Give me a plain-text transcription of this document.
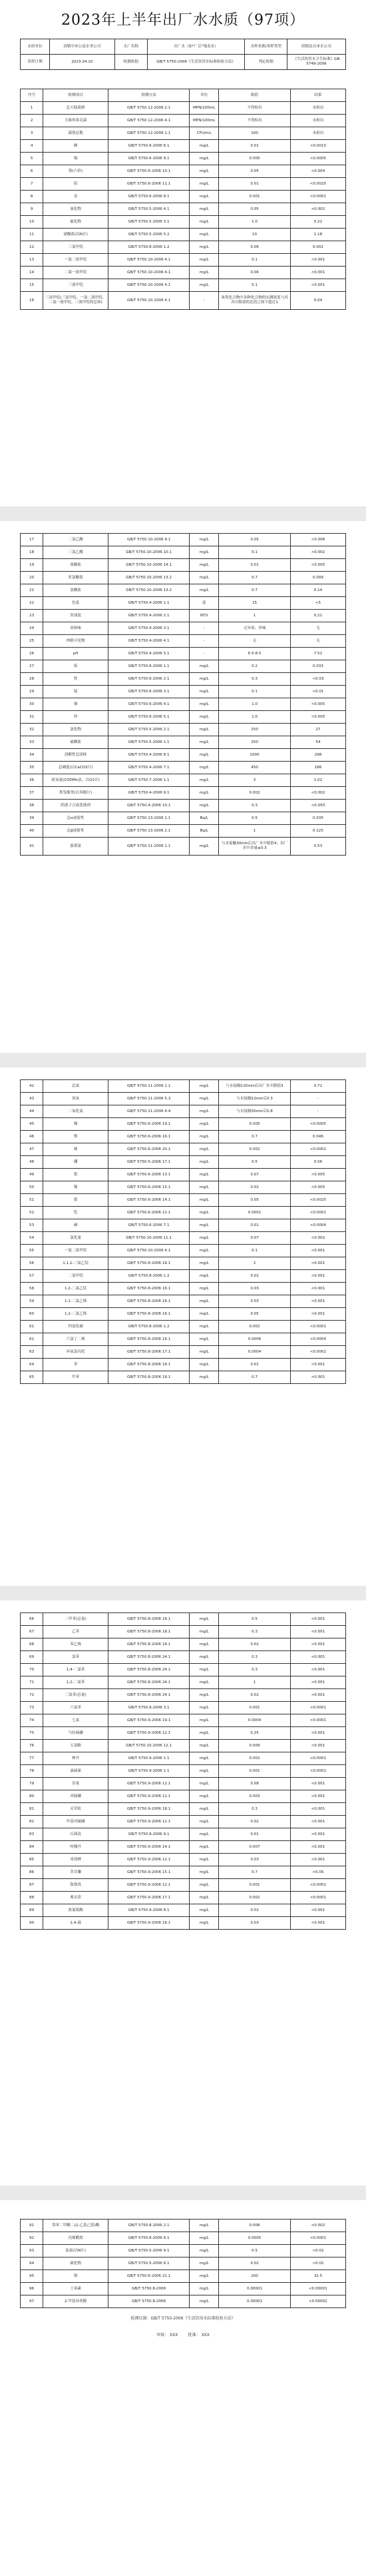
2023年上半年出厂水水质（97项）
水质单位	固镇中环公益水务公司	水厂名称	出厂水（如"厂后"地表水）	水样来源/采样类型	固镇县自来水公司
采样日期	2023.04.10	检测依据	GB/T 5750-2006《生活饮用水标准检验方法》	判定依据	《生活饮用水卫生标准》GB 5749-2006
序号	检测项目	检测方法	单位	限值	结果
1	总大肠菌群	GB/T 5750.12-2006 2.1	MPN/100mL	不得检出	未检出
2	大肠埃希氏菌	GB/T 5750.12-2006 4.1	MPN/100mL	不得检出	未检出
3	菌落总数	GB/T 5750.12-2006 1.1	CFU/mL	100	未检出
4	砷	GB/T 5750.6-2006 6.1	mg/L	0.01	<0.0010
5	镉	GB/T 5750.6-2006 9.1	mg/L	0.005	<0.0005
6	铬(六价)	GB/T 5750.6-2006 10.1	mg/L	0.05	<0.004
7	铅	GB/T 5750.6-2006 11.1	mg/L	0.01	<0.0025
8	汞	GB/T 5750.6-2006 8.1	mg/L	0.001	<0.0001
9	氰化物	GB/T 5750.5-2006 4.1	mg/L	0.05	<0.002
10	氟化物	GB/T 5750.5-2006 3.1	mg/L	1.0	0.22
11	硝酸盐(以N计)	GB/T 5750.5-2006 5.2	mg/L	10	1.18
12	三氯甲烷	GB/T 5750.8-2006 1.2	mg/L	0.06	0.002
13	一氯二溴甲烷	GB/T 5750.10-2006 4.1	mg/L	0.1	<0.001
14	二氯一溴甲烷	GB/T 5750.10-2006 4.1	mg/L	0.06	<0.001
15	三溴甲烷	GB/T 5750.10-2006 4.1	mg/L	0.1	<0.001
16	三卤甲烷(三氯甲烷、一氯二溴甲烷、二氯一溴甲烷、三溴甲烷的总和)	GB/T 5750.10-2006 4.1	-	该类化合物中各种化合物的实测浓度与其各自限值的比值之和不超过1	0.04
17	二氯乙酸	GB/T 5750.10-2006 9.1	mg/L	0.05	<0.006
18	三氯乙酸	GB/T 5750.10-2006 10.1	mg/L	0.1	<0.002
19	溴酸盐	GB/T 5750.10-2006 14.1	mg/L	0.01	<0.005
20	亚氯酸盐	GB/T 5750.10-2006 13.2	mg/L	0.7	0.009
21	氯酸盐	GB/T 5750.10-2006 13.2	mg/L	0.7	0.14
22	色度	GB/T 5750.4-2006 1.1	度	15	<5
23	浑浊度	GB/T 5750.4-2006 2.1	NTU	1	0.21
24	臭和味	GB/T 5750.4-2006 3.1	-	无异臭、异味	无
25	肉眼可见物	GB/T 5750.4-2006 4.1	-	无	无
26	pH	GB/T 5750.4-2006 5.1	-	6.5-8.5	7.52
27	铝	GB/T 5750.6-2006 1.1	mg/L	0.2	0.033
28	铁	GB/T 5750.6-2006 2.1	mg/L	0.3	<0.03
29	锰	GB/T 5750.6-2006 3.1	mg/L	0.1	<0.01
30	铜	GB/T 5750.6-2006 4.1	mg/L	1.0	<0.005
31	锌	GB/T 5750.6-2006 5.1	mg/L	1.0	<0.005
32	氯化物	GB/T 5750.5-2006 2.1	mg/L	250	27
33	硫酸盐	GB/T 5750.5-2006 1.1	mg/L	250	54
34	溶解性总固体	GB/T 5750.4-2006 8.1	mg/L	1000	298
35	总硬度(以CaCO3计)	GB/T 5750.4-2006 7.1	mg/L	450	186
36	耗氧量(CODMn法，以O2计)	GB/T 5750.7-2006 1.1	mg/L	3	1.02
37	挥发酚类(以苯酚计)	GB/T 5750.4-2006 9.1	mg/L	0.002	<0.002
38	阴离子合成洗涤剂	GB/T 5750.4-2006 10.1	mg/L	0.3	<0.050
39	总α放射性	GB/T 5750.13-2006 1.1	Bq/L	0.5	0.035
40	总β放射性	GB/T 5750.13-2006 2.1	Bq/L	1	0.125
41	游离氯	GB/T 5750.11-2006 1.1	mg/L	与水接触30min后出厂水中限值4，出厂水中余量≥0.3	0.53
42	总氯	GB/T 5750.11-2006 1.1	mg/L	与水接触120min后出厂水中限值3	0.72
43	臭氧	GB/T 5750.11-2006 5.3	mg/L	与水接触12min后0.3	-
44	二氧化氯	GB/T 5750.11-2006 4.4	mg/L	与水接触30min后0.8	-
45	锑	GB/T 5750.6-2006 19.1	mg/L	0.005	<0.0005
46	钡	GB/T 5750.6-2006 16.1	mg/L	0.7	0.046
47	铍	GB/T 5750.6-2006 20.1	mg/L	0.002	<0.0002
48	硼	GB/T 5750.5-2006 17.1	mg/L	0.5	0.06
49	钼	GB/T 5750.6-2006 13.1	mg/L	0.07	<0.005
50	镍	GB/T 5750.6-2006 15.1	mg/L	0.02	<0.005
51	银	GB/T 5750.6-2006 14.1	mg/L	0.05	<0.0025
52	铊	GB/T 5750.6-2006 21.1	mg/L	0.0001	<0.0001
53	硒	GB/T 5750.6-2006 7.1	mg/L	0.01	<0.0004
54	氯化氰	GB/T 5750.10-2006 11.1	mg/L	0.07	<0.002
55	一氯二溴甲烷	GB/T 5750.10-2006 4.1	mg/L	0.1	<0.001
56	1,1,1-三氯乙烷	GB/T 5750.8-2006 16.1	mg/L	2	<0.001
57	二氯甲烷	GB/T 5750.8-2006 1.2	mg/L	0.02	<0.001
58	1,2-二氯乙烷	GB/T 5750.8-2006 16.1	mg/L	0.03	<0.001
59	1,1-二氯乙烯	GB/T 5750.8-2006 16.1	mg/L	0.03	<0.001
60	1,2-二氯乙烯	GB/T 5750.8-2006 16.1	mg/L	0.05	<0.001
61	四氯化碳	GB/T 5750.8-2006 1.2	mg/L	0.002	<0.0001
62	六氯丁二烯	GB/T 5750.8-2006 16.1	mg/L	0.0006	<0.0004
63	环氧氯丙烷	GB/T 5750.8-2006 17.1	mg/L	0.0004	<0.0002
64	苯	GB/T 5750.8-2006 18.1	mg/L	0.01	<0.001
65	甲苯	GB/T 5750.8-2006 18.1	mg/L	0.7	<0.001
66	二甲苯(总量)	GB/T 5750.8-2006 18.1	mg/L	0.5	<0.001
67	乙苯	GB/T 5750.8-2006 18.1	mg/L	0.3	<0.001
68	苯乙烯	GB/T 5750.8-2006 18.1	mg/L	0.02	<0.001
69	氯苯	GB/T 5750.8-2006 24.1	mg/L	0.3	<0.001
70	1,4-二氯苯	GB/T 5750.8-2006 24.1	mg/L	0.3	<0.001
71	1,2-二氯苯	GB/T 5750.8-2006 24.1	mg/L	1	<0.001
72	三氯苯(总量)	GB/T 5750.8-2006 24.1	mg/L	0.02	<0.001
73	六氯苯	GB/T 5750.9-2006 3.1	mg/L	0.001	<0.0001
74	七氯	GB/T 5750.9-2006 19.1	mg/L	0.0004	<0.0001
75	马拉硫磷	GB/T 5750.9-2006 12.1	mg/L	0.25	<0.001
76	五氯酚	GB/T 5750.10-2006 12.1	mg/L	0.009	<0.001
77	林丹	GB/T 5750.9-2006 1.1	mg/L	0.002	<0.0001
78	滴滴涕	GB/T 5750.9-2006 1.1	mg/L	0.001	<0.0001
79	乐果	GB/T 5750.9-2006 12.1	mg/L	0.08	<0.001
80	对硫磷	GB/T 5750.9-2006 12.1	mg/L	0.003	<0.001
81	灭草松	GB/T 5750.9-2006 18.1	mg/L	0.3	<0.001
82	甲基对硫磷	GB/T 5750.9-2006 12.1	mg/L	0.02	<0.001
83	百菌清	GB/T 5750.9-2006 9.1	mg/L	0.01	<0.001
84	呋喃丹	GB/T 5750.9-2006 14.1	mg/L	0.007	<0.001
85	毒死蜱	GB/T 5750.9-2006 12.1	mg/L	0.03	<0.001
86	草甘膦	GB/T 5750.9-2006 15.1	mg/L	0.7	<0.05
87	敌敌畏	GB/T 5750.9-2006 12.1	mg/L	0.001	<0.0001
88	莠去津	GB/T 5750.9-2006 17.1	mg/L	0.002	<0.0001
89	溴氰菊酯	GB/T 5750.9-2006 8.1	mg/L	0.02	<0.001
90	2,4-滴	GB/T 5750.9-2006 16.1	mg/L	0.03	<0.001
91	邻苯二甲酸二(2-乙基己基)酯	GB/T 5750.8-2006 2.1	mg/L	0.008	<0.002
92	丙烯酰胺	GB/T 5750.8-2006 6.1	mg/L	0.0005	<0.0001
93	氨氮(以N计)	GB/T 5750.5-2006 9.1	mg/L	0.5	<0.02
94	硫化物	GB/T 5750.5-2006 6.1	mg/L	0.02	<0.02
95	钠	GB/T 5750.6-2006 22.1	mg/L	200	32.5
96	土臭素	GB/T 5750.8-2006	mg/L	0.00001	<0.00001
97	2-甲基异莰醇	GB/T 5750.8-2006	mg/L	0.00001	<0.00001
检测仪器：GB/T 5750-2006《生活饮用水标准检验方法》
审核： XXX	批准： XXX
